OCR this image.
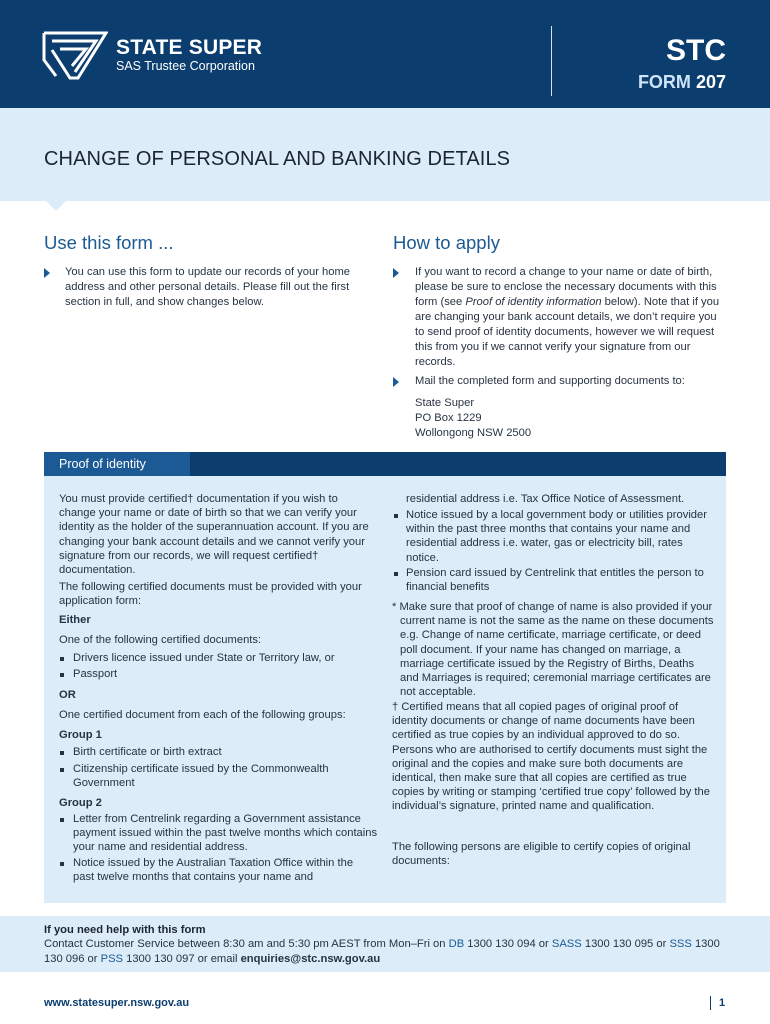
STATE SUPER
SAS Trustee Corporation	STC
FORM 207
CHANGE OF PERSONAL AND BANKING DETAILS
Use this form ...
You can use this form to update our records of your home address and other personal details. Please fill out the first section in full, and show changes below.
How to apply
If you want to record a change to your name or date of birth, please be sure to enclose the necessary documents with this form (see Proof of identity information below). Note that if you are changing your bank account details, we don’t require you to send proof of identity documents, however we will request this from you if we cannot verify your signature from our records.
Mail the completed form and supporting documents to:
State Super
PO Box 1229
Wollongong NSW 2500
Proof of identity
You must provide certified† documentation if you wish to change your name or date of birth so that we can verify your identity as the holder of the superannuation account. If you are changing your bank account details and we cannot verify your signature from our records, we will request certified† documentation.
The following certified documents must be provided with your application form:
Either
One of the following certified documents:
Drivers licence issued under State or Territory law, or
Passport
OR
One certified document from each of the following groups:
Group 1
Birth certificate or birth extract
Citizenship certificate issued by the Commonwealth Government
Group 2
Letter from Centrelink regarding a Government assistance payment issued within the past twelve months which contains your name and residential address.
Notice issued by the Australian Taxation Office within the past twelve months that contains your name and
residential address i.e. Tax Office Notice of Assessment.
Notice issued by a local government body or utilities provider within the past three months that contains your name and residential address i.e. water, gas or electricity bill, rates notice.
Pension card issued by Centrelink that entitles the person to financial benefits
* Make sure that proof of change of name is also provided if your current name is not the same as the name on these documents e.g. Change of name certificate, marriage certificate, or deed poll document. If your name has changed on marriage, a marriage certificate issued by the Registry of Births, Deaths and Marriages is required; ceremonial marriage certificates are not acceptable.
† Certified means that all copied pages of original proof of identity documents or change of name documents have been certified as true copies by an individual approved to do so. Persons who are authorised to certify documents must sight the original and the copies and make sure both documents are identical, then make sure that all copies are certified as true copies by writing or stamping ‘certified true copy’ followed by the individual’s signature, printed name and qualification.
The following persons are eligible to certify copies of original documents:
If you need help with this form
Contact Customer Service between 8:30 am and 5:30 pm AEST from Mon–Fri on DB 1300 130 094 or SASS 1300 130 095 or SSS 1300 130 096 or PSS 1300 130 097 or email enquiries@stc.nsw.gov.au
www.statesuper.nsw.gov.au	1
